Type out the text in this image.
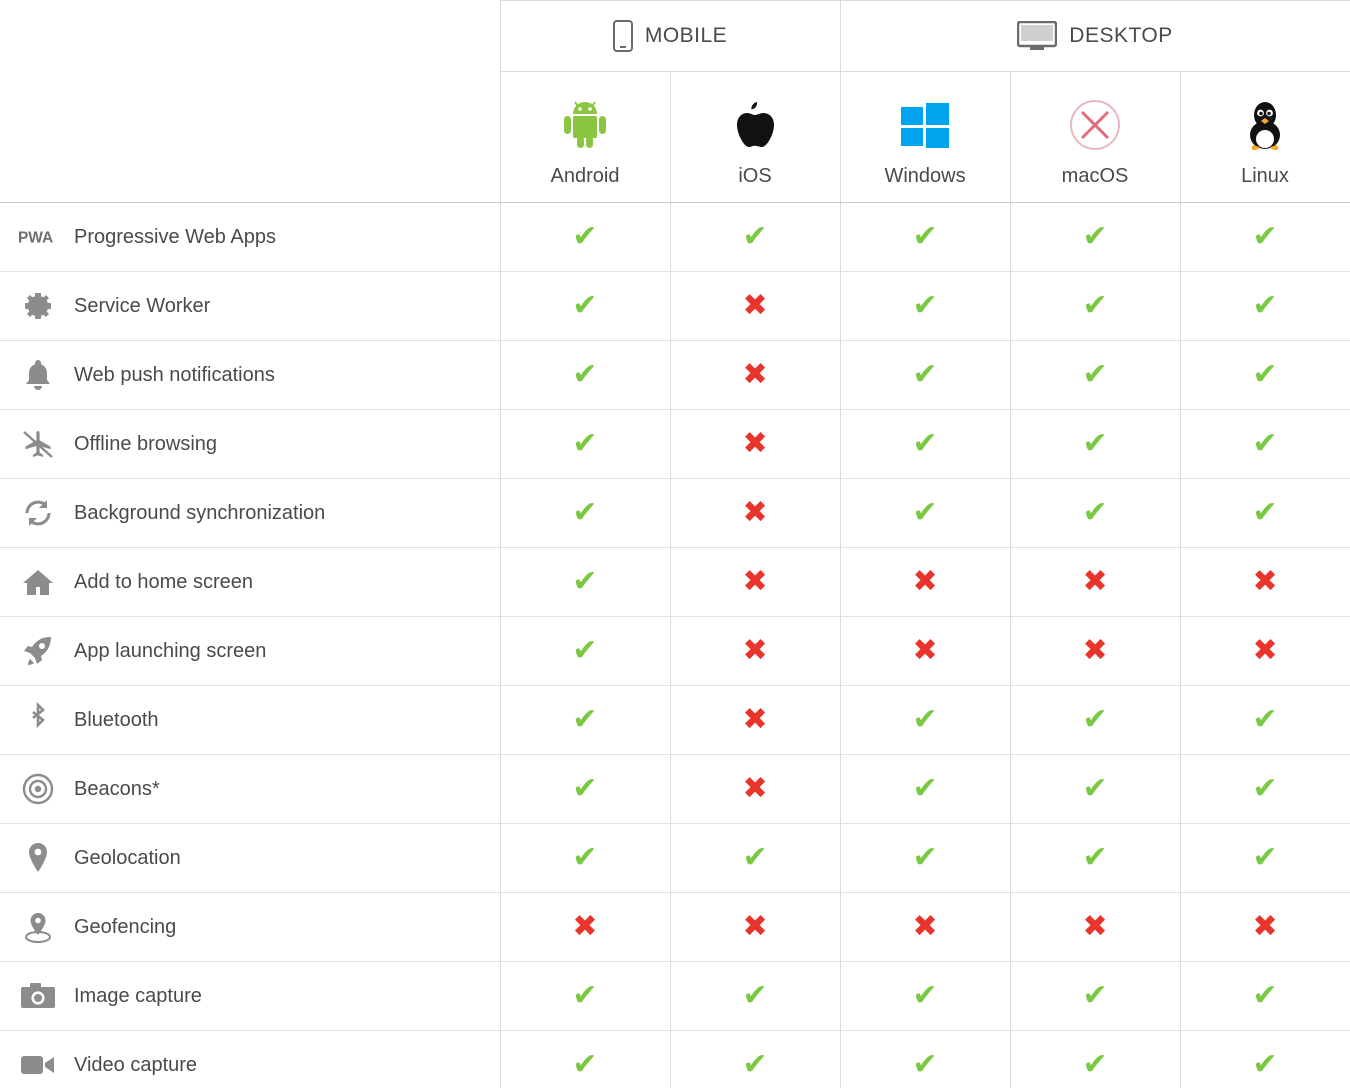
	MOBILE		DESKTOP		

	Android	iOS	Windows	macOS	Linux

PWA Progressive Web Apps	✔	✔	✔	✔	✔

Service Worker	✔	✖	✔	✔	✔

Web push notifications	✔	✖	✔	✔	✔

Offline browsing	✔	✖	✔	✔	✔

Background synchronization	✔	✖	✔	✔	✔

Add to home screen	✔	✖	✖	✖	✖

App launching screen	✔	✖	✖	✖	✖

Bluetooth	✔	✖	✔	✔	✔

Beacons*	✔	✖	✔	✔	✔

Geolocation	✔	✔	✔	✔	✔

Geofencing	✖	✖	✖	✖	✖

Image capture	✔	✔	✔	✔	✔

Video capture	✔	✔	✔	✔	✔
